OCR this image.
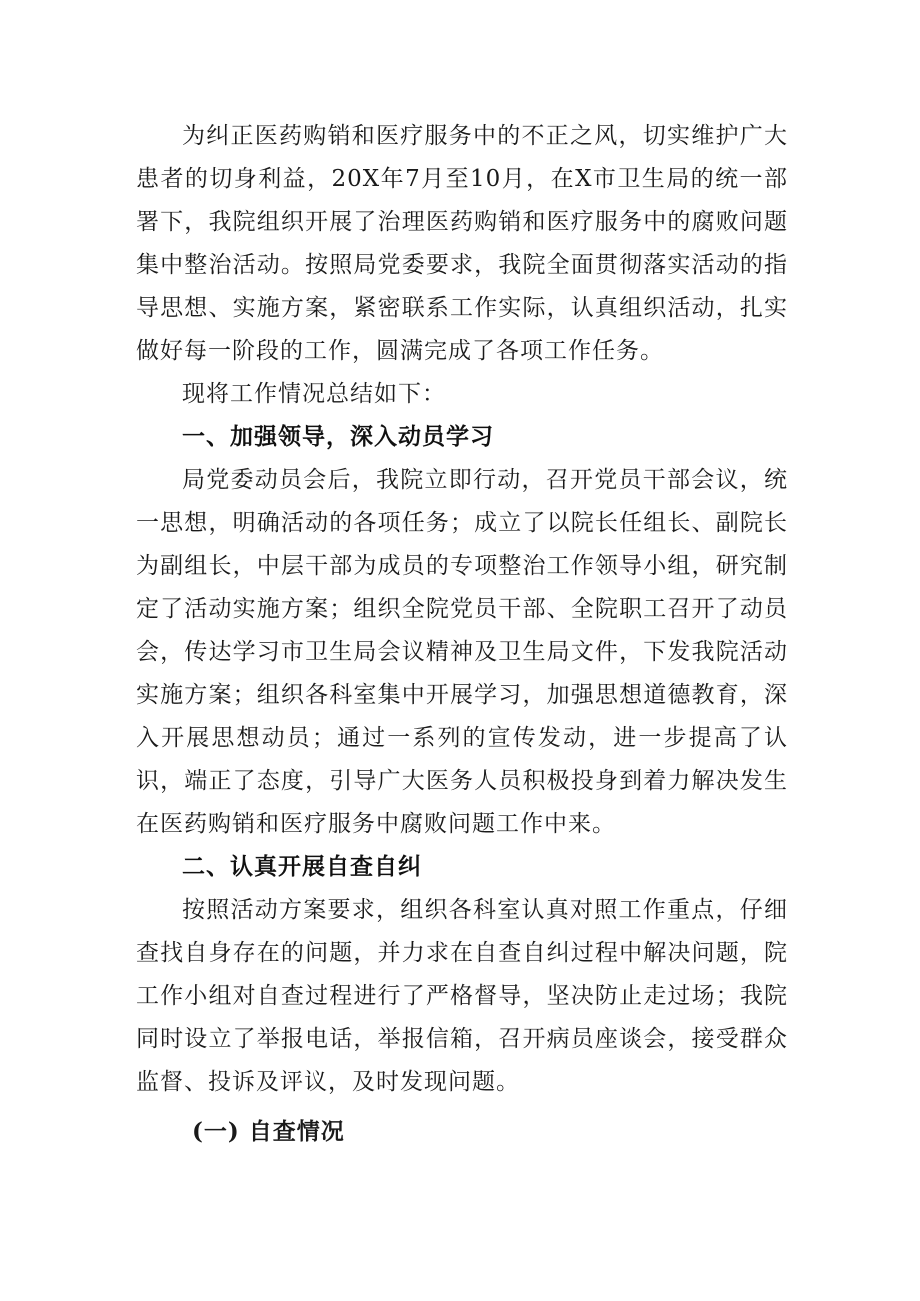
为纠正医药购销和医疗服务中的不正之风，切实维护广大患者的切身利益，20X年7月至10月，在X市卫生局的统一部署下，我院组织开展了治理医药购销和医疗服务中的腐败问题集中整治活动。按照局党委要求，我院全面贯彻落实活动的指导思想、实施方案，紧密联系工作实际，认真组织活动，扎实做好每一阶段的工作，圆满完成了各项工作任务。

现将工作情况总结如下：

一、加强领导，深入动员学习

局党委动员会后，我院立即行动，召开党员干部会议，统一思想，明确活动的各项任务；成立了以院长任组长、副院长为副组长，中层干部为成员的专项整治工作领导小组，研究制定了活动实施方案；组织全院党员干部、全院职工召开了动员会，传达学习市卫生局会议精神及卫生局文件，下发我院活动实施方案；组织各科室集中开展学习，加强思想道德教育，深入开展思想动员；通过一系列的宣传发动，进一步提高了认识，端正了态度，引导广大医务人员积极投身到着力解决发生在医药购销和医疗服务中腐败问题工作中来。

二、认真开展自查自纠

按照活动方案要求，组织各科室认真对照工作重点，仔细查找自身存在的问题，并力求在自查自纠过程中解决问题，院工作小组对自查过程进行了严格督导，坚决防止走过场；我院同时设立了举报电话，举报信箱，召开病员座谈会，接受群众监督、投诉及评议，及时发现问题。

(一) 自查情况
